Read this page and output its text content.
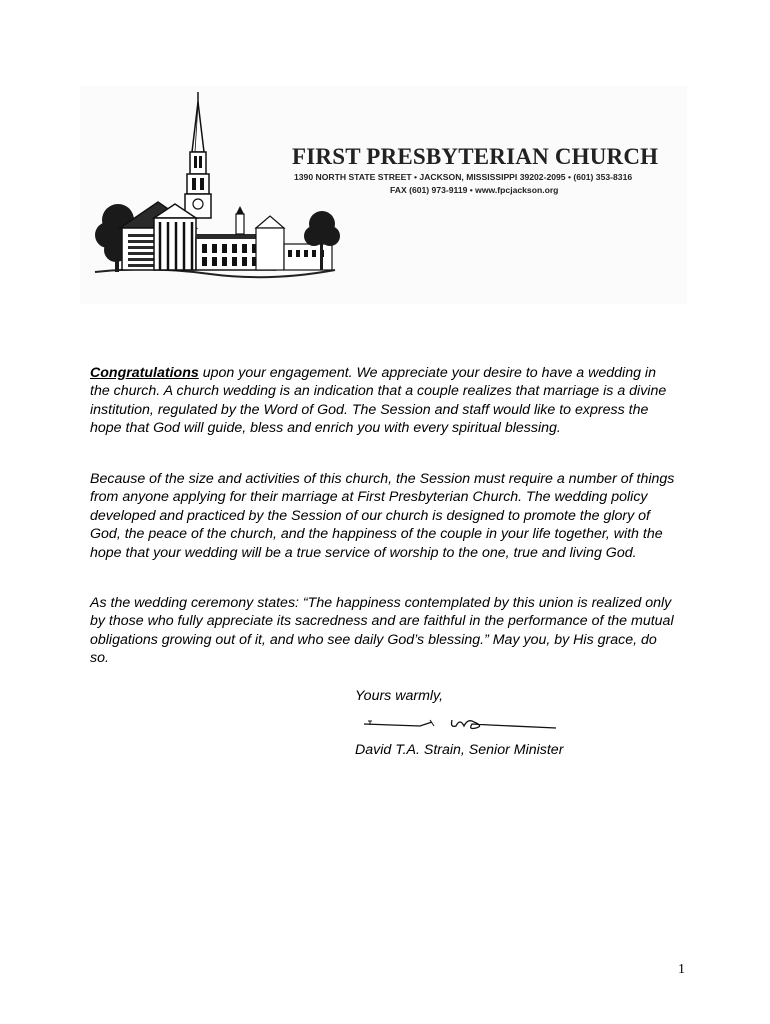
FIRST PRESBYTERIAN CHURCH
1390 NORTH STATE STREET • JACKSON, MISSISSIPPI 39202-2095 • (601) 353-8316
FAX (601) 973-9119 • www.fpcjackson.org

Congratulations upon your engagement. We appreciate your desire to have a wedding in the church. A church wedding is an indication that a couple realizes that marriage is a divine institution, regulated by the Word of God. The Session and staff would like to express the hope that God will guide, bless and enrich you with every spiritual blessing.

Because of the size and activities of this church, the Session must require a number of things from anyone applying for their marriage at First Presbyterian Church. The wedding policy developed and practiced by the Session of our church is designed to promote the glory of God, the peace of the church, and the happiness of the couple in your life together, with the hope that your wedding will be a true service of worship to the one, true and living God.

As the wedding ceremony states: “The happiness contemplated by this union is realized only by those who fully appreciate its sacredness and are faithful in the performance of the mutual obligations growing out of it, and who see daily God’s blessing.” May you, by His grace, do so.

Yours warmly,
David T.A. Strain, Senior Minister
1
